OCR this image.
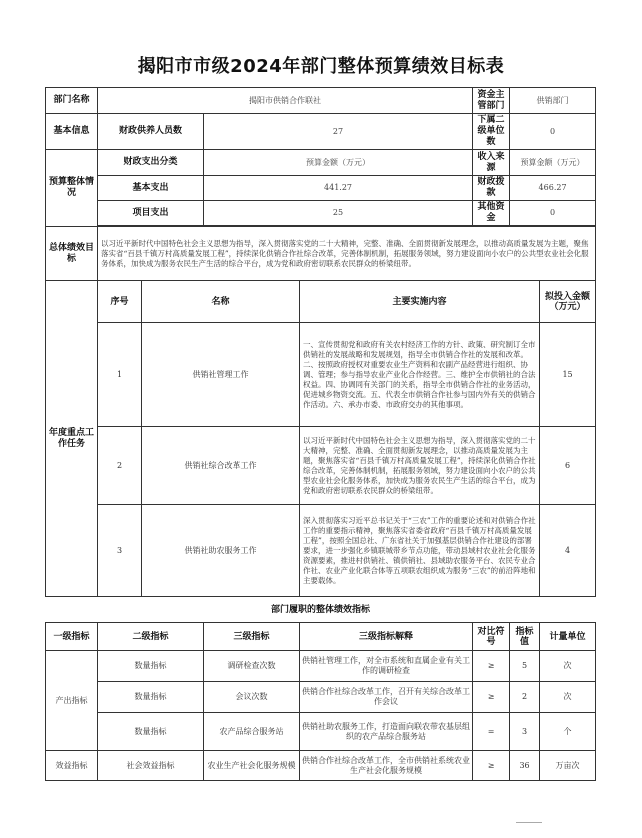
揭阳市市级2024年部门整体预算绩效目标表
部门名称	揭阳市供销合作联社				资金主管部门	供销部门	
基本信息	财政供养人员数		27		下属二级单位数	0	
预算整体情况	财政支出分类		预算金额（万元）		收入来源	预算金额（万元）	
	基本支出		441.27		财政拨款	466.27	
	项目支出		25		其他资金	0	

总体绩效目标	以习近平新时代中国特色社会主义思想为指导，深入贯彻落实党的二十大精神，完整、准确、全面贯彻新发展理念，以推动高质量发展为主题，聚焦落实省“百县千镇万村高质量发展工程”，持续深化供销合作社综合改革，完善体制机制，拓展服务领域，努力建设面向小农户的公共型农业社会化服务体系，加快成为服务农民生产生活的综合平台，成为党和政府密切联系农民群众的桥梁纽带。						
年度重点工作任务	序号	名称		主要实施内容			拟投入金额（万元）
	1	供销社管理工作		一、宣传贯彻党和政府有关农村经济工作的方针、政策、研究制订全市供销社的发展战略和发展规划，指导全市供销合作社的发展和改革。二、按照政府授权对重要农业生产资料和农副产品经营进行组织、协调、管理；参与指导农业产业化合作经营。三、维护全市供销社的合法权益。四、协调同有关部门的关系，指导全市供销合作社的业务活动，促进城乡物资交流。五、代表全市供销合作社参与国内外有关的供销合作活动。六、承办市委、市政府交办的其他事项。			15
	2	供销社综合改革工作		以习近平新时代中国特色社会主义思想为指导，深入贯彻落实党的二十大精神，完整、准确、全面贯彻新发展理念，以推动高质量发展为主题，聚焦落实省“百县千镇万村高质量发展工程”，持续深化供销合作社综合改革，完善体制机制，拓展服务领域，努力建设面向小农户的公共型农业社会化服务体系，加快成为服务农民生产生活的综合平台，成为党和政府密切联系农民群众的桥梁纽带。			6
	3	供销社助农服务工作		深入贯彻落实习近平总书记关于“三农”工作的重要论述和对供销合作社工作的重要指示精神，聚焦落实省委省政府“百县千镇万村高质量发展工程”，按照全国总社、广东省社关于加强基层供销合作社建设的部署要求，进一步强化乡镇联城带乡节点功能，带动县域村农业社会化服务资源要素，推进村供销社、镇供销社、县域助农服务平台、农民专业合作社、农业产业化联合体等五项联农组织成为服务“三农”的前沿阵地和主要载体。			4
部门履职的整体绩效指标							
一级指标	二级指标		三级指标	三级指标解释	对比符号	指标值	计量单位
产出指标	数量指标		调研检查次数	供销社管理工作，对全市系统和直属企业有关工作的调研检查	≥	5	次
	数量指标		会议次数	供销合作社综合改革工作，召开有关综合改革工作会议	≥	2	次
	数量指标		农产品综合服务站	供销社助农服务工作，打造面向联农带农基层组织的农产品综合服务站	=	3	个
效益指标	社会效益指标		农业生产社会化服务规模	供销合作社综合改革工作，全市供销社系统农业生产社会化服务规模	≥	36	万亩次
